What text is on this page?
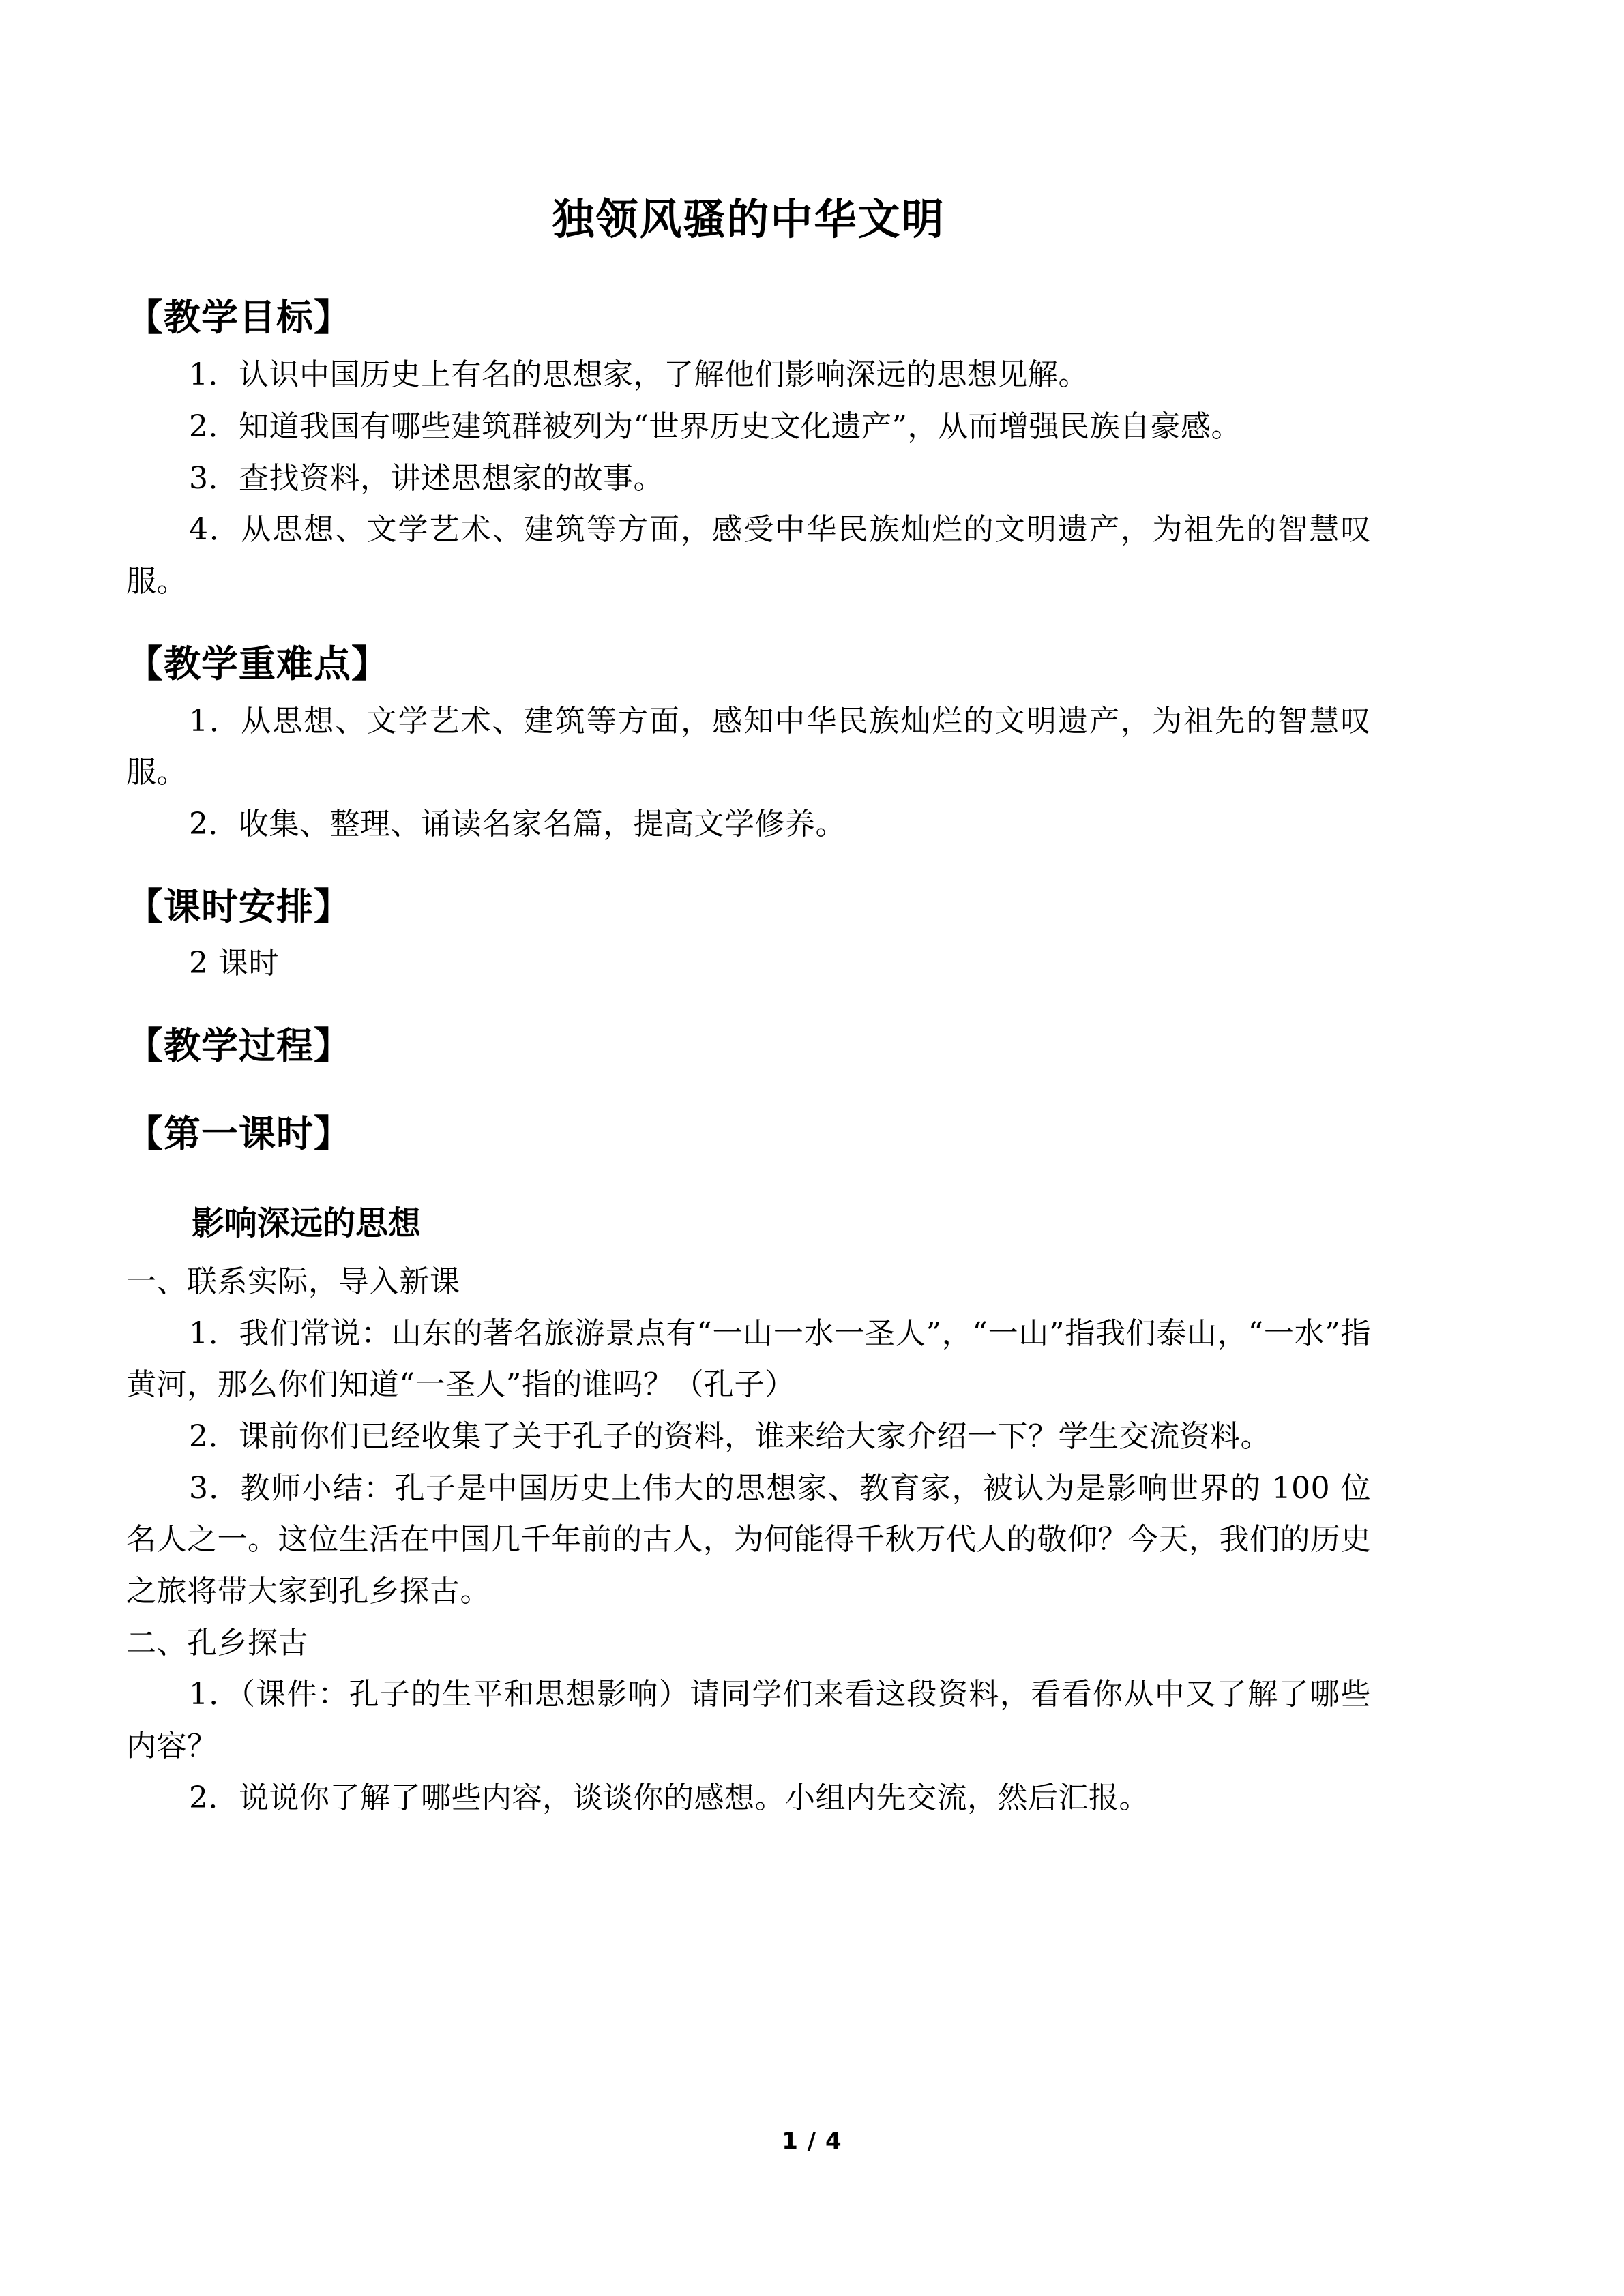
独领风骚的中华文明
【教学目标】

1．认识中国历史上有名的思想家，了解他们影响深远的思想见解。

2．知道我国有哪些建筑群被列为“世界历史文化遗产”，从而增强民族自豪感。

3．查找资料，讲述思想家的故事。

4．从思想、文学艺术、建筑等方面，感受中华民族灿烂的文明遗产，为祖先的智慧叹服。

【教学重难点】

1．从思想、文学艺术、建筑等方面，感知中华民族灿烂的文明遗产，为祖先的智慧叹服。

2．收集、整理、诵读名家名篇，提高文学修养。

【课时安排】

2 课时

【教学过程】
【第一课时】
影响深远的思想

一、联系实际，导入新课

1．我们常说：山东的著名旅游景点有“一山一水一圣人”，“一山”指我们泰山，“一水”指黄河，那么你们知道“一圣人”指的谁吗？（孔子）

2．课前你们已经收集了关于孔子的资料，谁来给大家介绍一下？学生交流资料。

3．教师小结：孔子是中国历史上伟大的思想家、教育家，被认为是影响世界的 100 位名人之一。这位生活在中国几千年前的古人，为何能得千秋万代人的敬仰？今天，我们的历史之旅将带大家到孔乡探古。

二、孔乡探古

1．（课件：孔子的生平和思想影响）请同学们来看这段资料，看看你从中又了解了哪些内容？

2．说说你了解了哪些内容，谈谈你的感想。小组内先交流，然后汇报。

1 / 4
